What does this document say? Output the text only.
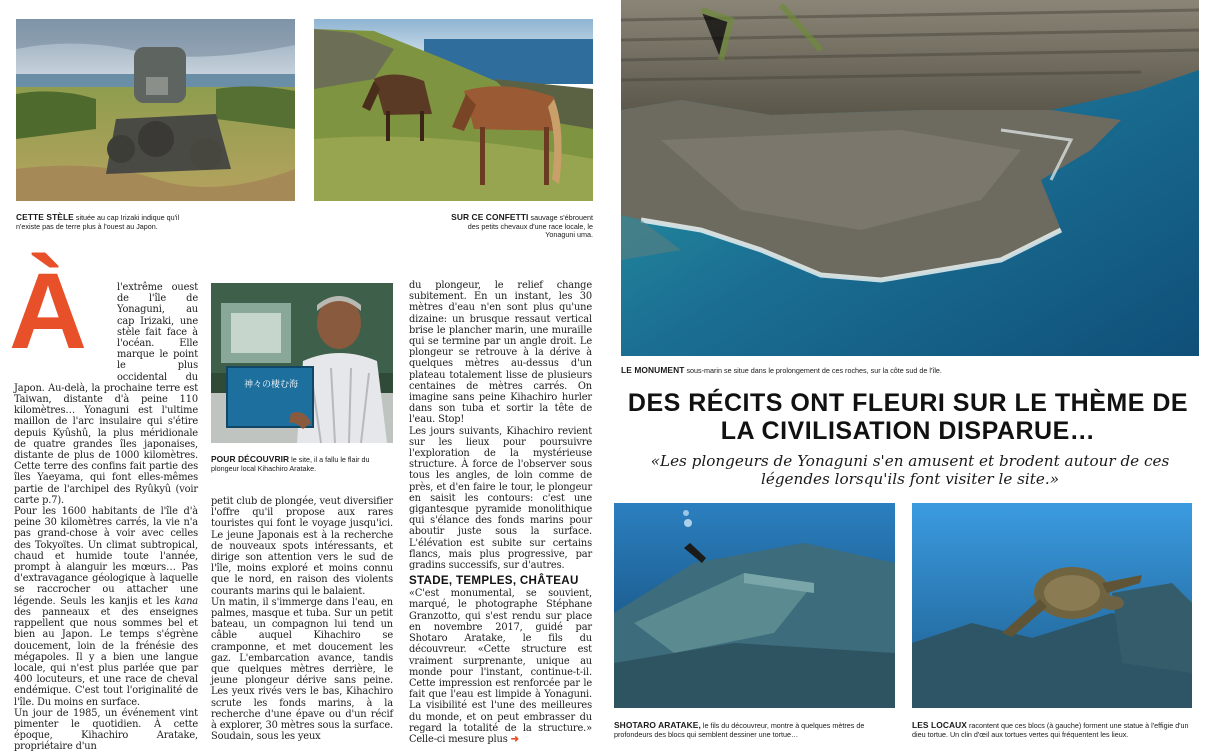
CETTE STÈLE située au cap Irizaki indique qu'il n'existe pas de terre plus à l'ouest au Japon.
SUR CE CONFETTI sauvage s'ébrouent des petits chevaux d'une race locale, le Yonaguni uma.
LE MONUMENT sous-marin se situe dans le prolongement de ces roches, sur la côte sud de l'île.
DES RÉCITS ONT FLEURI SUR LE THÈME DE LA CIVILISATION DISPARUE…
«Les plongeurs de Yonaguni s'en amusent et brodent autour de ces légendes lorsqu'ils font visiter le site.»
SHOTARO ARATAKE, le fils du découvreur, montre à quelques mètres de profondeurs des blocs qui semblent dessiner une tortue…
LES LOCAUX racontent que ces blocs (à gauche) forment une statue à l'effigie d'un dieu tortue. Un clin d'œil aux tortues vertes qui fréquentent les lieux.
À	l'extrême ouest de l'île de Yonaguni, au cap Irizaki, une stèle fait face à l'océan. Elle marque le point le plus occidental du Japon. Au-delà, la prochaine terre est Taiwan, distante d'à peine 110 kilomètres… Yonaguni est l'ultime maillon de l'arc insulaire qui s'étire depuis Kyûshû, la plus méridionale de quatre grandes îles japonaises, distante de plus de 1000 kilomètres. Cette terre des confins fait partie des îles Yaeyama, qui font elles-mêmes partie de l'archipel des Ryûkyû (voir carte p.7).

Pour les 1600 habitants de l'île d'à peine 30 kilomètres carrés, la vie n'a pas grand-chose à voir avec celles des Tokyoïtes. Un climat subtropical, chaud et humide toute l'année, prompt à alanguir les mœurs… Pas d'extravagance géologique à laquelle se raccrocher ou attacher une légende. Seuls les kanjis et les kana des panneaux et des enseignes rappellent que nous sommes bel et bien au Japon. Le temps s'égrène doucement, loin de la frénésie des mégapoles. Il y a bien une langue locale, qui n'est plus parlée que par 400 locuteurs, et une race de cheval endémique. C'est tout l'originalité de l'île. Du moins en surface.

Un jour de 1985, un événement vint pimenter le quotidien. À cette époque, Kihachiro Aratake, propriétaire d'un

神々の棲む海
POUR DÉCOUVRIR le site, il a fallu le flair du plongeur local Kihachiro Aratake.

petit club de plongée, veut diversifier l'offre qu'il propose aux rares touristes qui font le voyage jusqu'ici. Le jeune Japonais est à la recherche de nouveaux spots intéressants, et dirige son attention vers le sud de l'île, moins exploré et moins connu que le nord, en raison des violents courants marins qui le balaient.

Un matin, il s'immerge dans l'eau, en palmes, masque et tuba. Sur un petit bateau, un compagnon lui tend un câble auquel Kihachiro se cramponne, et met doucement les gaz. L'embarcation avance, tandis que quelques mètres derrière, le jeune plongeur dérive sans peine. Les yeux rivés vers le bas, Kihachiro scrute les fonds marins, à la recherche d'une épave ou d'un récif à explorer, 30 mètres sous la surface. Soudain, sous les yeux

du plongeur, le relief change subitement. En un instant, les 30 mètres d'eau n'en sont plus qu'une dizaine: un brusque ressaut vertical brise le plancher marin, une muraille qui se termine par un angle droit. Le plongeur se retrouve à la dérive à quelques mètres au-dessus d'un plateau totalement lisse de plusieurs centaines de mètres carrés. On imagine sans peine Kihachiro hurler dans son tuba et sortir la tête de l'eau. Stop!

Les jours suivants, Kihachiro revient sur les lieux pour poursuivre l'exploration de la mystérieuse structure. À force de l'observer sous tous les angles, de loin comme de près, et d'en faire le tour, le plongeur en saisit les contours: c'est une gigantesque pyramide monolithique qui s'élance des fonds marins pour aboutir juste sous la surface. L'élévation est subite sur certains flancs, mais plus progressive, par gradins successifs, sur d'autres.

STADE, TEMPLES, CHÂTEAU

«C'est monumental, se souvient, marqué, le photographe Stéphane Granzotto, qui s'est rendu sur place en novembre 2017, guidé par Shotaro Aratake, le fils du découvreur. «Cette structure est vraiment surprenante, unique au monde pour l'instant, continue-t-il. Cette impression est renforcée par le fait que l'eau est limpide à Yonaguni. La visibilité est l'une des meilleures du monde, et on peut embrasser du regard la totalité de la structure.» Celle-ci mesure plus ➜
